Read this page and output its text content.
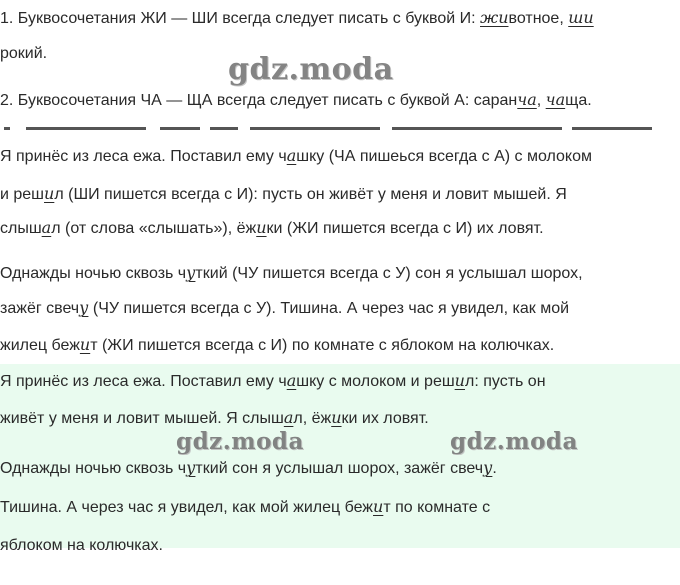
1. Буквосочетания ЖИ — ШИ всегда следует писать с буквой И: животное, ши
рокий.	gdz.moda
2. Буквосочетания ЧА — ЩА всегда следует писать с буквой А: саранча, чаща.
Я принёс из леса ежа. Поставил ему чашку (ЧА пишеься всегда с А) с молоком
и решил (ШИ пишется всегда с И): пусть он живёт у меня и ловит мышей. Я
слышал (от слова «слышать»), ёжики (ЖИ пишется всегда с И) их ловят.
Однажды ночью сквозь чуткий (ЧУ пишется всегда с У) сон я услышал шорох,
зажёг свечу (ЧУ пишется всегда с У). Тишина. А через час я увидел, как мой
жилец бежит (ЖИ пишется всегда с И) по комнате с яблоком на колючках.
Я принёс из леса ежа. Поставил ему чашку с молоком и решил: пусть он
живёт у меня и ловит мышей. Я слышал, ёжики их ловят.
gdz.moda	gdz.moda
Однажды ночью сквозь чуткий сон я услышал шорох, зажёг свечу.
Тишина. А через час я увидел, как мой жилец бежит по комнате с
яблоком на колючках.
